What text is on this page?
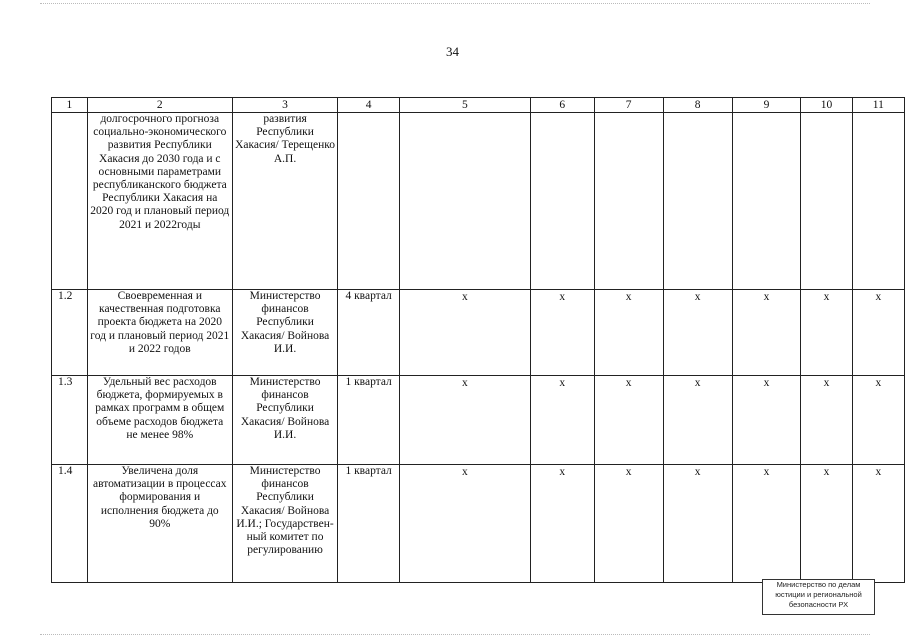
34
1	2	3	4	5	6	7	8	9	10	11
	долгосрочного прогноза социально-экономического развития Республики Хакасия до 2030 года и с основными параметрами республиканского бюджета Республики Хакасия на 2020 год и плановый период 2021 и 2022годы	развития Республики Хакасия/ Терещенко А.П.								
1.2	Своевременная и качественная подготовка проекта бюджета на 2020 год и плановый период 2021 и 2022 годов	Министерство финансов Республики Хакасия/ Войнова И.И.	4 квартал	х	х	х	х	х	х	х
1.3	Удельный вес расходов бюджета, формируемых в рамках программ в общем объеме расходов бюджета не менее 98%	Министерство финансов Республики Хакасия/ Войнова И.И.	1 квартал	х	х	х	х	х	х	х
1.4	Увеличена доля автоматизации в процессах формирования и исполнения бюджета до 90%	Министерство финансов Республики Хакасия/ Войнова И.И.; Государствен-ный комитет по регулированию	1 квартал	х	х	х	х	х	х	х
Министерство по делам
юстиции и региональной
безопасности РХ
